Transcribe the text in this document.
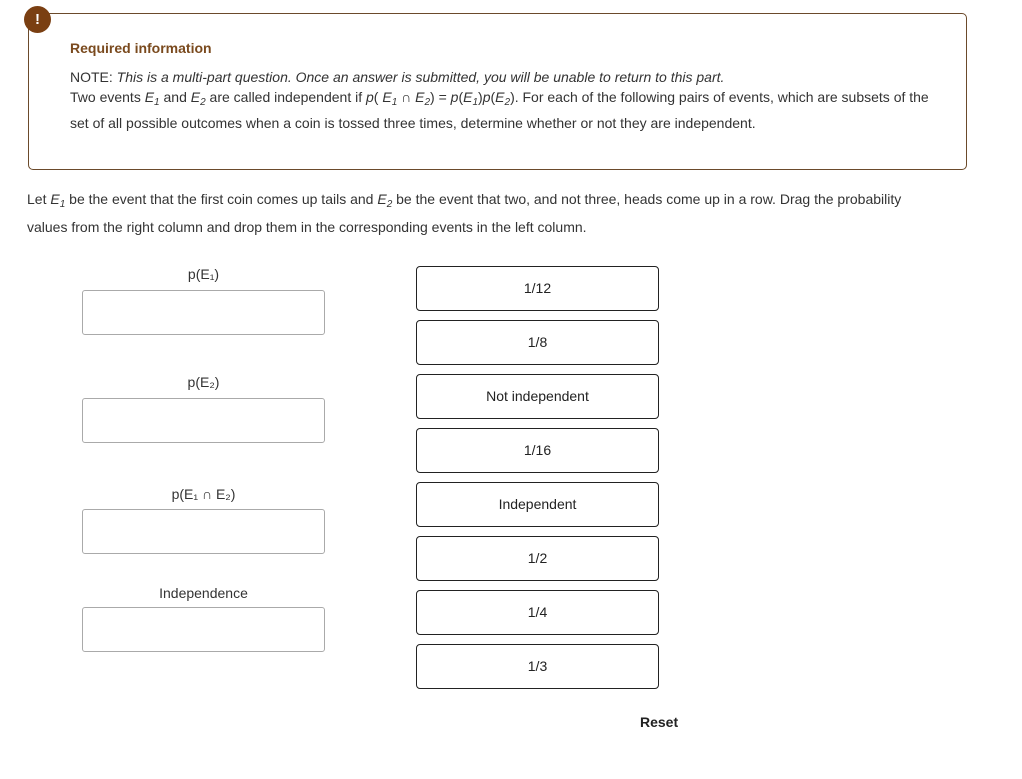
!
Required information
NOTE: This is a multi-part question. Once an answer is submitted, you will be unable to return to this part.
Two events $E_1$ and $E_2$ are called independent if p( $E_1$ ∩ $E_2) = p(E_1)p(E_2)$. For each of the following pairs of events, which are subsets of the set of all possible outcomes when a coin is tossed three times, determine whether or not they are independent.
Let $E_1$ be the event that the first coin comes up tails and $E_2$ be the event that two, and not three, heads come up in a row. Drag the probability values from the right column and drop them in the corresponding events in the left column.
p(E₁)
p(E₂)
p(E₁ ∩ E₂)
Independence
1/12
1/8
Not independent
1/16
Independent
1/2
1/4
1/3
Reset
